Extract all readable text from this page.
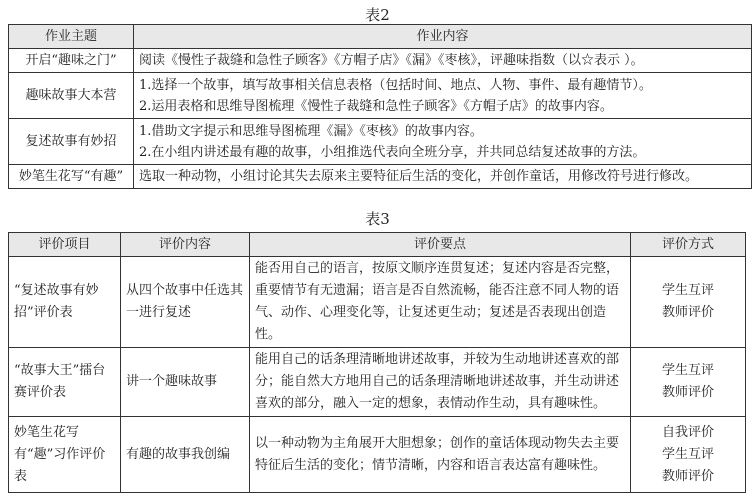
表2
作业主题	作业内容
开启“趣味之门”	阅读《慢性子裁缝和急性子顾客》《方帽子店》《漏》《枣核》，评趣味指数（以☆表示 ）。

趣味故事大本营	1.选择一个故事，填写故事相关信息表格（包括时间、地点、人物、事件、最有趣情节）。
2.运用表格和思维导图梳理《慢性子裁缝和急性子顾客》《方帽子店》的故事内容。

复述故事有妙招	1.借助文字提示和思维导图梳理《漏》《枣核》的故事内容。
2.在小组内讲述最有趣的故事，小组推选代表向全班分享，并共同总结复述故事的方法。

妙笔生花写“有趣”	选取一种动物，小组讨论其失去原来主要特征后生活的变化，并创作童话，用修改符号进行修改。
表3
评价项目	评价内容	评价要点	评价方式
“复述故事有妙招”评价表	从四个故事中任选其一进行复述	能否用自己的语言，按原文顺序连贯复述；复述内容是否完整，重要情节有无遗漏；语言是否自然流畅，能否注意不同人物的语气、动作、心理变化等，让复述更生动；复述是否表现出创造性。	学生互评
教师评价

“故事大王”擂台赛评价表	讲一个趣味故事	能用自己的话条理清晰地讲述故事，并较为生动地讲述喜欢的部分；能自然大方地用自己的话条理清晰地讲述故事，并生动讲述喜欢的部分，融入一定的想象，表情动作生动，具有趣味性。	学生互评
教师评价

妙笔生花写有“趣”习作评价表	有趣的故事我创编	以一种动物为主角展开大胆想象；创作的童话体现动物失去主要特征后生活的变化；情节清晰，内容和语言表达富有趣味性。	自我评价
学生互评
教师评价
